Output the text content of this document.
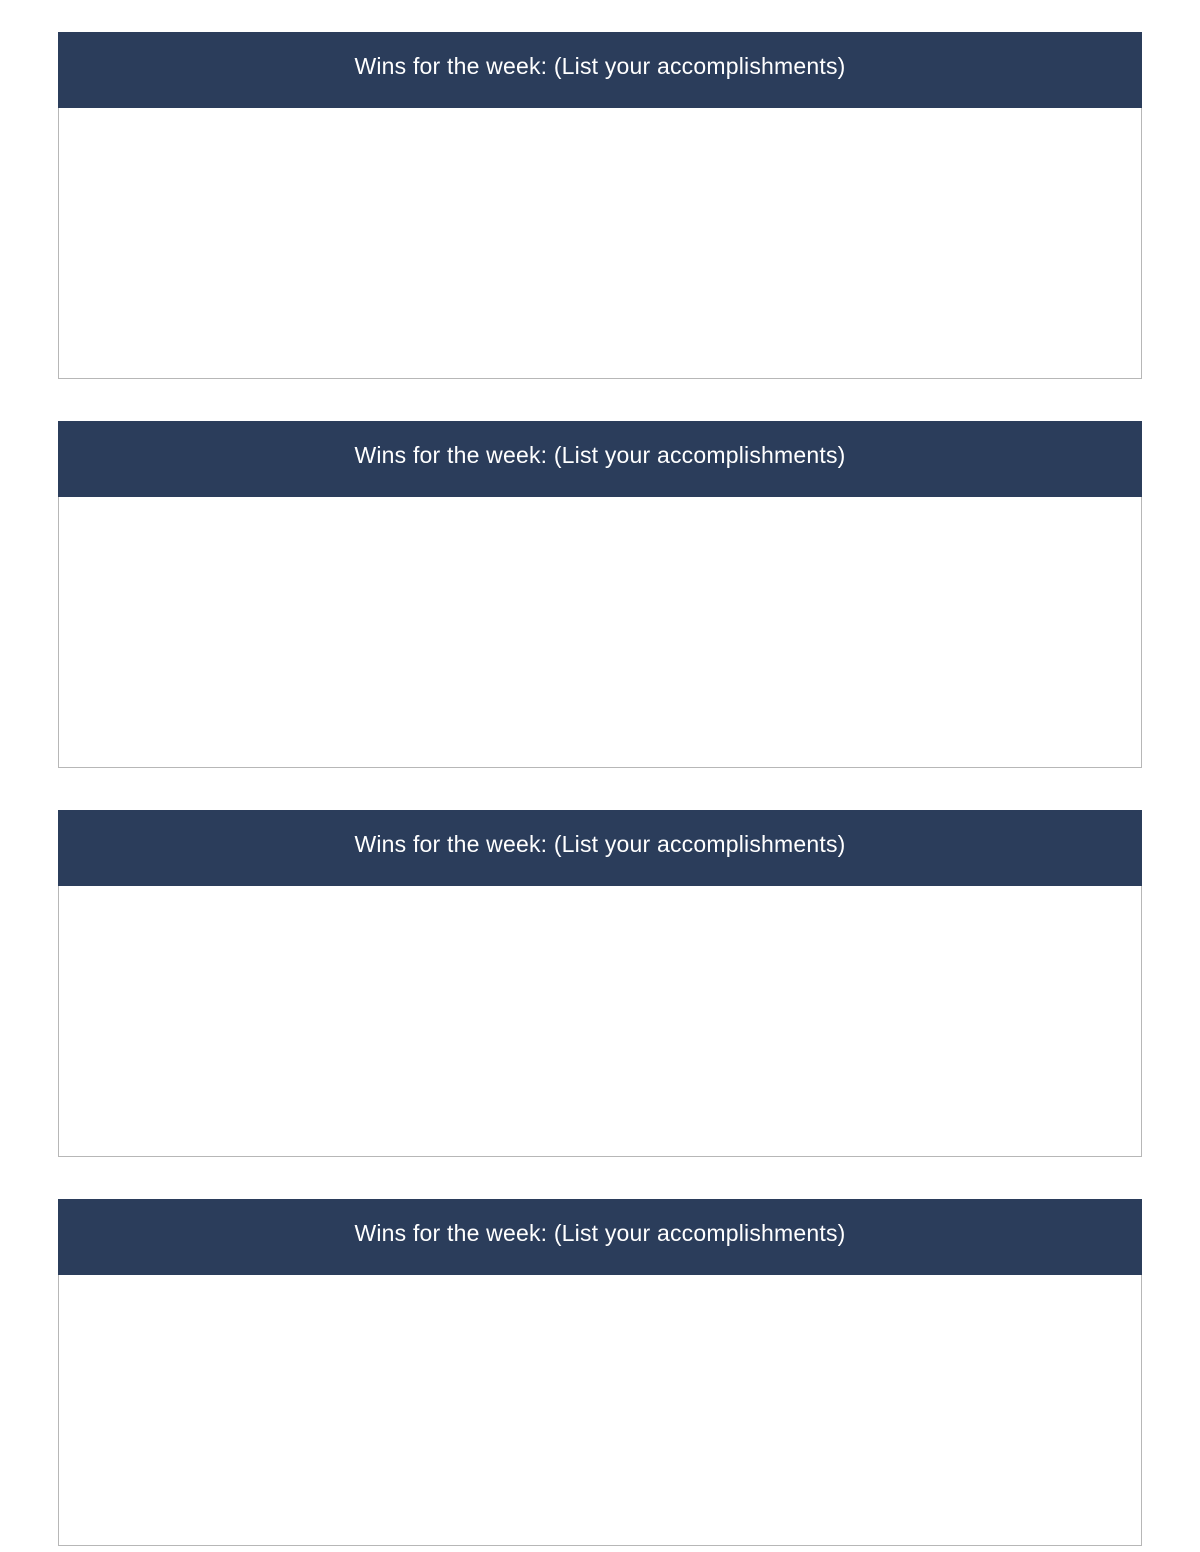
Wins for the week: (List your accomplishments)
Wins for the week: (List your accomplishments)
Wins for the week: (List your accomplishments)
Wins for the week: (List your accomplishments)
